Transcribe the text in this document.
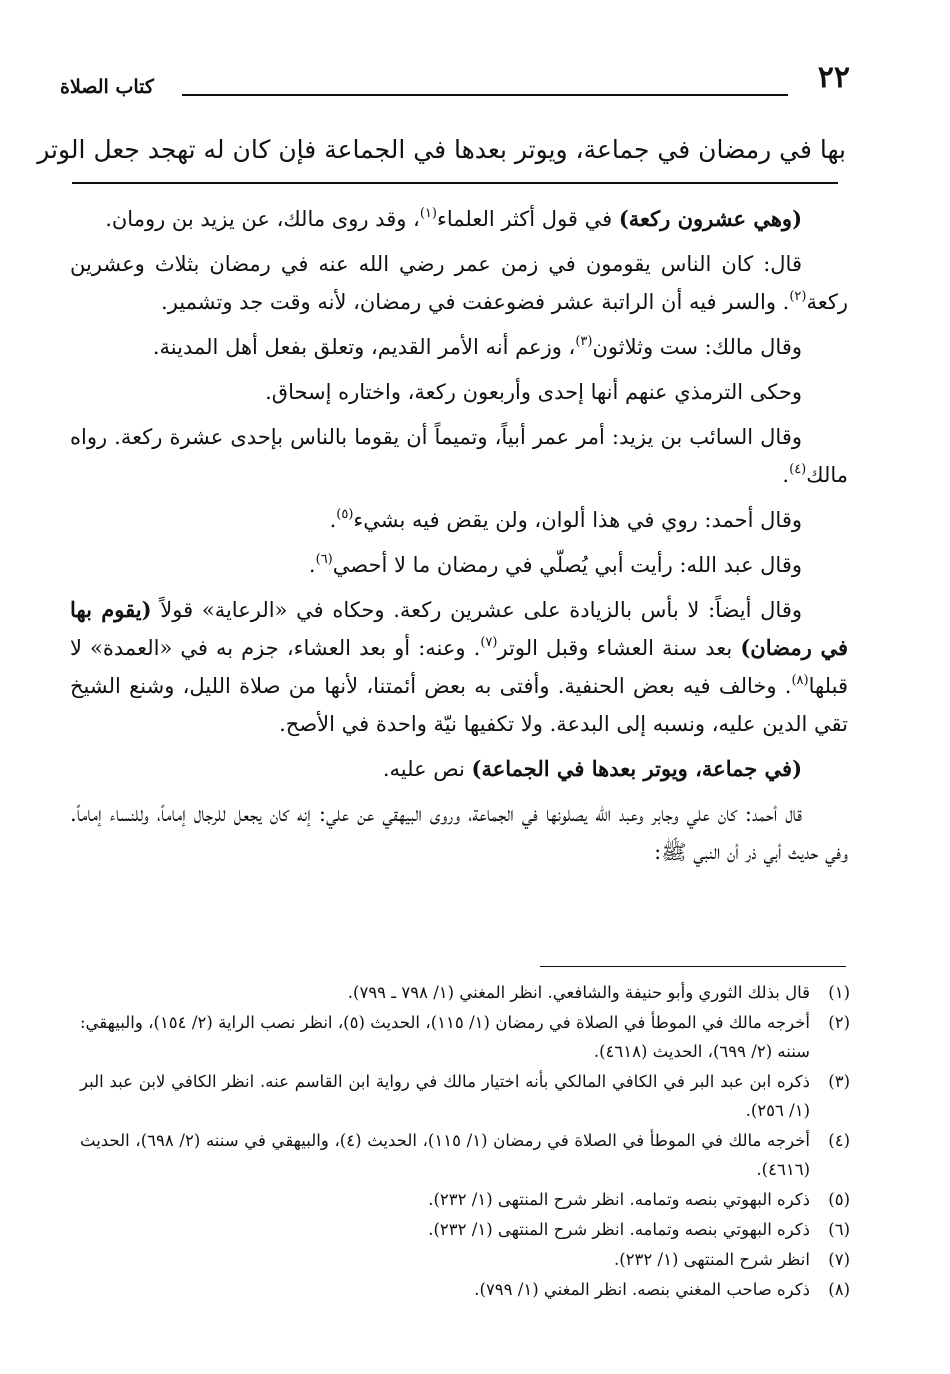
٢٢
كتاب الصلاة
بها في رمضان في جماعة، ويوتر بعدها في الجماعة فإن كان له تهجد جعل الوتر

(وهي عشرون ركعة) في قول أكثر العلماء$^{(١)}$، وقد روى مالك، عن يزيد بن رومان.

قال: كان الناس يقومون في زمن عمر رضي الله عنه في رمضان بثلاث وعشرين ركعة$^{(٢)}$. والسر فيه أن الراتبة عشر فضوعفت في رمضان، لأنه وقت جد وتشمير.

وقال مالك: ست وثلاثون$^{(٣)}$، وزعم أنه الأمر القديم، وتعلق بفعل أهل المدينة.

وحكى الترمذي عنهم أنها إحدى وأربعون ركعة، واختاره إسحاق.

وقال السائب بن يزيد: أمر عمر أبياً، وتميماً أن يقوما بالناس بإحدى عشرة ركعة. رواه مالك$^{(٤)}$.

وقال أحمد: روي في هذا ألوان، ولن يقض فيه بشيء$^{(٥)}$.

وقال عبد الله: رأيت أبي يُصلّي في رمضان ما لا أحصي$^{(٦)}$.

وقال أيضاً: لا بأس بالزيادة على عشرين ركعة. وحكاه في «الرعاية» قولاً (يقوم بها في رمضان) بعد سنة العشاء وقبل الوتر$^{(٧)}$. وعنه: أو بعد العشاء، جزم به في «العمدة» لا قبلها$^{(٨)}$. وخالف فيه بعض الحنفية. وأفتى به بعض أئمتنا، لأنها من صلاة الليل، وشنع الشيخ تقي الدين عليه، ونسبه إلى البدعة. ولا تكفيها نيّة واحدة في الأصح.

(في جماعة، ويوتر بعدها في الجماعة) نص عليه.

قال أحمد: كان علي وجابر وعبد الله يصلونها في الجماعة، وروى البيهقي عن علي: إنه كان يجعل للرجال إماماً، وللنساء إماماً. وفي حديث أبي ذر أن النبي ﷺ:

(١)
قال بذلك الثوري وأبو حنيفة والشافعي. انظر المغني (١/ ٧٩٨ ـ ٧٩٩).
(٢)
أخرجه مالك في الموطأ في الصلاة في رمضان (١/ ١١٥)، الحديث (٥)، انظر نصب الراية (٢/ ١٥٤)، والبيهقي: سننه (٢/ ٦٩٩)، الحديث (٤٦١٨).
(٣)
ذكره ابن عبد البر في الكافي المالكي بأنه اختيار مالك في رواية ابن القاسم عنه. انظر الكافي لابن عبد البر (١/ ٢٥٦).
(٤)
أخرجه مالك في الموطأ في الصلاة في رمضان (١/ ١١٥)، الحديث (٤)، والبيهقي في سننه (٢/ ٦٩٨)، الحديث (٤٦١٦).
(٥)
ذكره البهوتي بنصه وتمامه. انظر شرح المنتهى (١/ ٢٣٢).
(٦)
ذكره البهوتي بنصه وتمامه. انظر شرح المنتهى (١/ ٢٣٢).
(٧)
انظر شرح المنتهى (١/ ٢٣٢).
(٨)
ذكره صاحب المغني بنصه. انظر المغني (١/ ٧٩٩).
